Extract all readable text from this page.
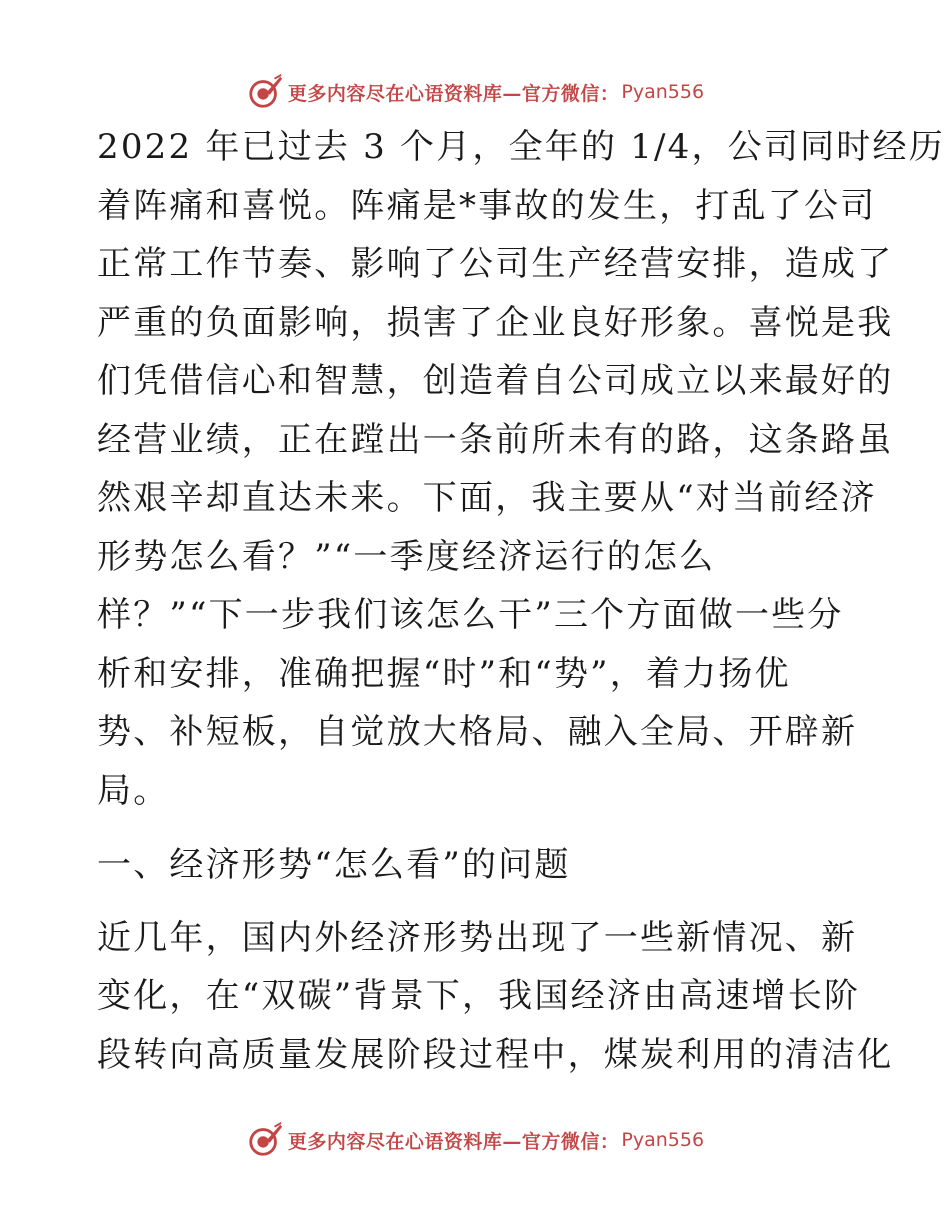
更多内容尽在心语资料库—官方微信： Pyan556
2022 年已过去 3 个月，全年的 1/4，公司同时经历
着阵痛和喜悦。阵痛是*事故的发生，打乱了公司
正常工作节奏、影响了公司生产经营安排，造成了
严重的负面影响，损害了企业良好形象。喜悦是我
们凭借信心和智慧，创造着自公司成立以来最好的
经营业绩，正在蹚出一条前所未有的路，这条路虽
然艰辛却直达未来。下面，我主要从“对当前经济
形势怎么看？”“一季度经济运行的怎么
样？”“下一步我们该怎么干”三个方面做一些分
析和安排，准确把握“时”和“势”，着力扬优
势、补短板，自觉放大格局、融入全局、开辟新
局。
一、经济形势“怎么看”的问题
近几年，国内外经济形势出现了一些新情况、新
变化，在“双碳”背景下，我国经济由高速增长阶
段转向高质量发展阶段过程中，煤炭利用的清洁化
更多内容尽在心语资料库—官方微信： Pyan556
